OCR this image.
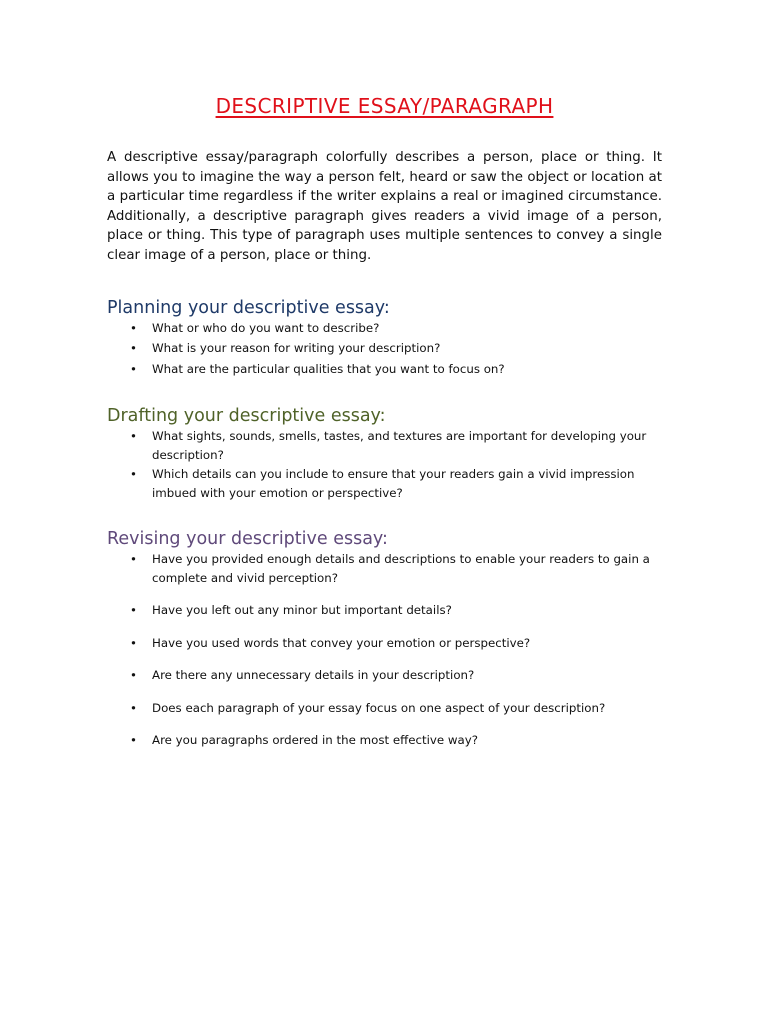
DESCRIPTIVE ESSAY/PARAGRAPH

A descriptive essay/paragraph colorfully describes a person, place or thing. It allows you to imagine the way a person felt, heard or saw the object or location at a particular time regardless if the writer explains a real or imagined circumstance. Additionally, a descriptive paragraph gives readers a vivid image of a person, place or thing. This type of paragraph uses multiple sentences to convey a single clear image of a person, place or thing.

Planning your descriptive essay:
• What or who do you want to describe?
• What is your reason for writing your description?
• What are the particular qualities that you want to focus on?
Drafting your descriptive essay:
• What sights, sounds, smells, tastes, and textures are important for developing your description?
• Which details can you include to ensure that your readers gain a vivid impression imbued with your emotion or perspective?
Revising your descriptive essay:
• Have you provided enough details and descriptions to enable your readers to gain a complete and vivid perception?
• Have you left out any minor but important details?
• Have you used words that convey your emotion or perspective?
• Are there any unnecessary details in your description?
• Does each paragraph of your essay focus on one aspect of your description?
• Are you paragraphs ordered in the most effective way?
